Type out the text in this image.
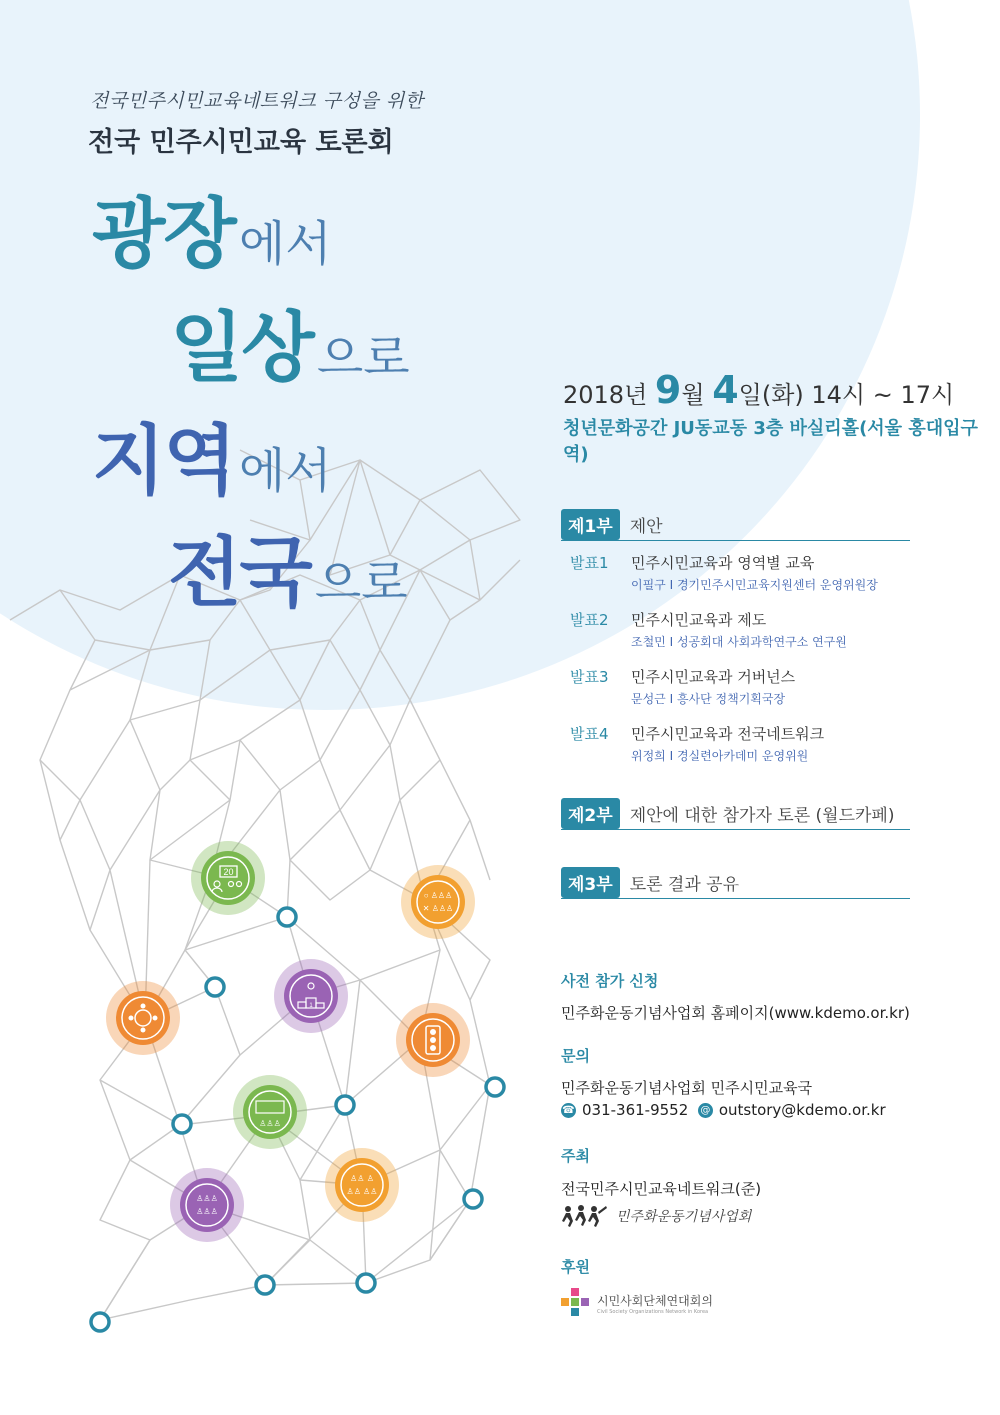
20
○ ♙♙♙
✕ ♙♙♙
1
♙♙♙
♙♙♙
♙♙♙
♙♙ ♙
♙♙ ♙♙
전국민주시민교육네트워크 구성을 위한
전국 민주시민교육 토론회
광장에서
일상으로
지역에서
전국으로
2018년 9월 4일(화) 14시 ~ 17시
청년문화공간 JU동교동 3층 바실리홀(서울 홍대입구역)
제1부	제안
발표1 민주시민교육과 영역별 교육
이필구 I 경기민주시민교육지원센터 운영위원장
발표2 민주시민교육과 제도
조철민 I 성공회대 사회과학연구소 연구원
발표3 민주시민교육과 거버넌스
문성근 I 흥사단 정책기획국장
발표4 민주시민교육과 전국네트워크
위정희 I 경실련아카데미 운영위원
제2부	제안에 대한 참가자 토론 (월드카페)
제3부	토론 결과 공유
사전 참가 신청
민주화운동기념사업회 홈페이지(www.kdemo.or.kr)
문의
민주화운동기념사업회 민주시민교육국
☎ 031-361-9552 @ outstory@kdemo.or.kr
주최
전국민주시민교육네트워크(준)
민주화운동기념사업회
후원
시민사회단체연대회의
Civil Society Organizations Network in Korea
